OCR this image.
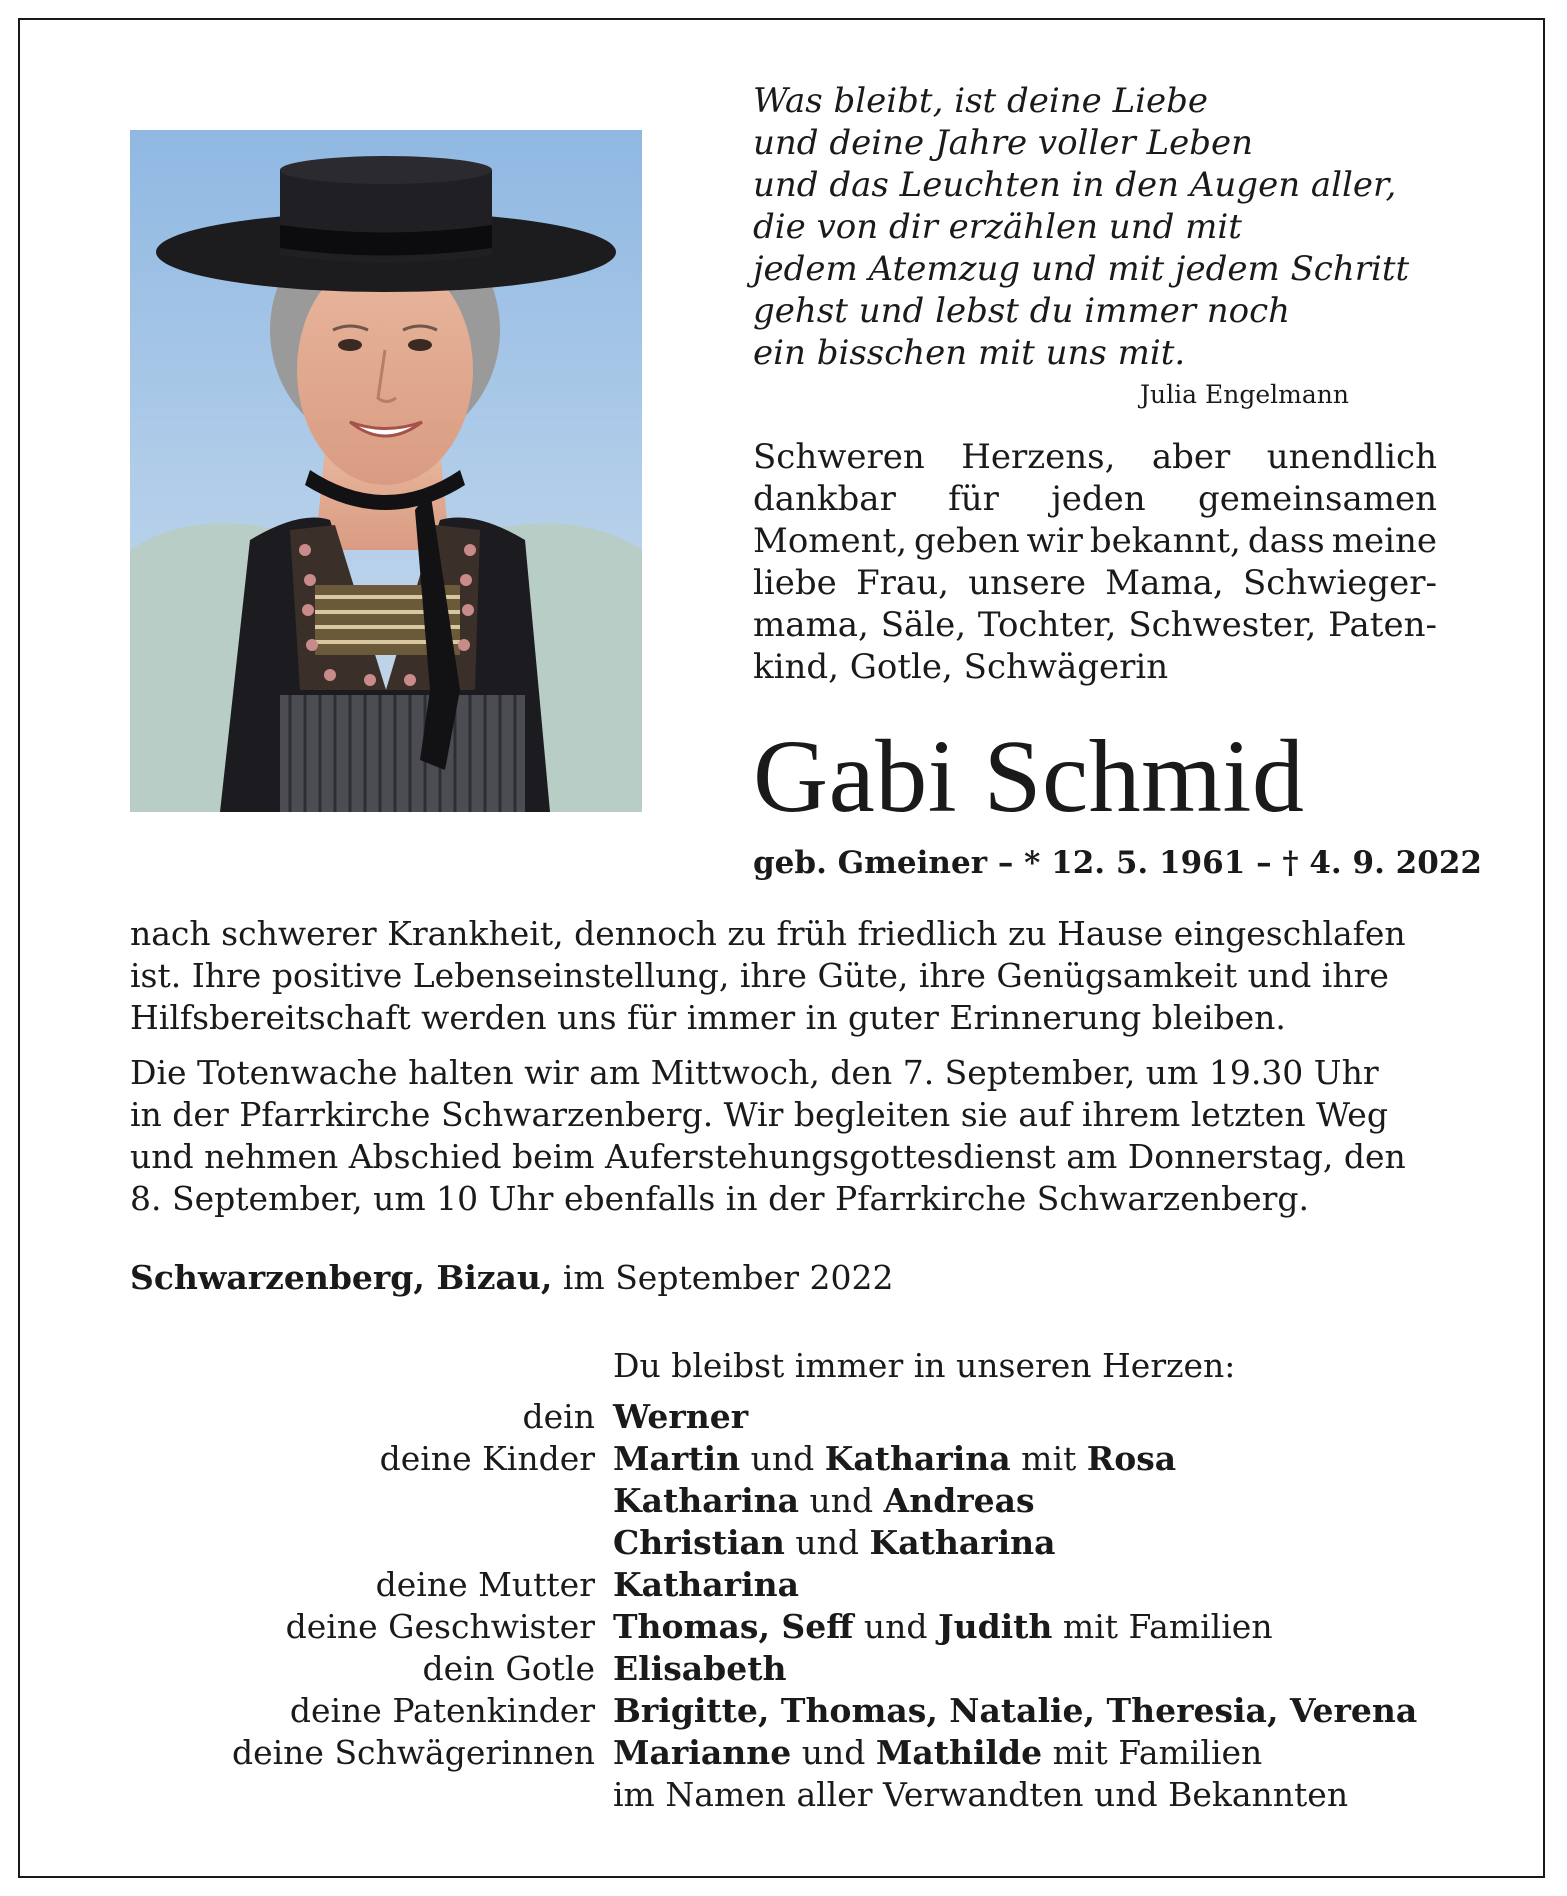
Was bleibt, ist deine Liebe
und deine Jahre voller Leben
und das Leuchten in den Augen aller,
die von dir erzählen und mit
jedem Atemzug und mit jedem Schritt
gehst und lebst du immer noch
ein bisschen mit uns mit.
Julia Engelmann
Schweren Herzens, aber unendlich
dankbar für jeden gemeinsamen
Moment, geben wir bekannt, dass meine
liebe Frau, unsere Mama, Schwieger-
mama, Säle, Tochter, Schwester, Paten-
kind, Gotle, Schwägerin
Gabi Schmid
geb. Gmeiner – * 12. 5. 1961 – † 4. 9. 2022
nach schwerer Krankheit, dennoch zu früh friedlich zu Hause eingeschlafen
ist. Ihre positive Lebenseinstellung, ihre Güte, ihre Genügsamkeit und ihre
Hilfsbereitschaft werden uns für immer in guter Erinnerung bleiben.
Die Totenwache halten wir am Mittwoch, den 7. September, um 19.30 Uhr
in der Pfarrkirche Schwarzenberg. Wir begleiten sie auf ihrem letzten Weg
und nehmen Abschied beim Auferstehungsgottesdienst am Donnerstag, den
8. September, um 10 Uhr ebenfalls in der Pfarrkirche Schwarzenberg.
Schwarzenberg, Bizau, im September 2022
Du bleibst immer in unseren Herzen:
dein Werner
deine Kinder Martin und Katharina mit Rosa
Katharina und Andreas
Christian und Katharina
deine Mutter Katharina
deine Geschwister Thomas, Seff und Judith mit Familien
dein Gotle Elisabeth
deine Patenkinder Brigitte, Thomas, Natalie, Theresia, Verena
deine Schwägerinnen Marianne und Mathilde mit Familien
im Namen aller Verwandten und Bekannten
